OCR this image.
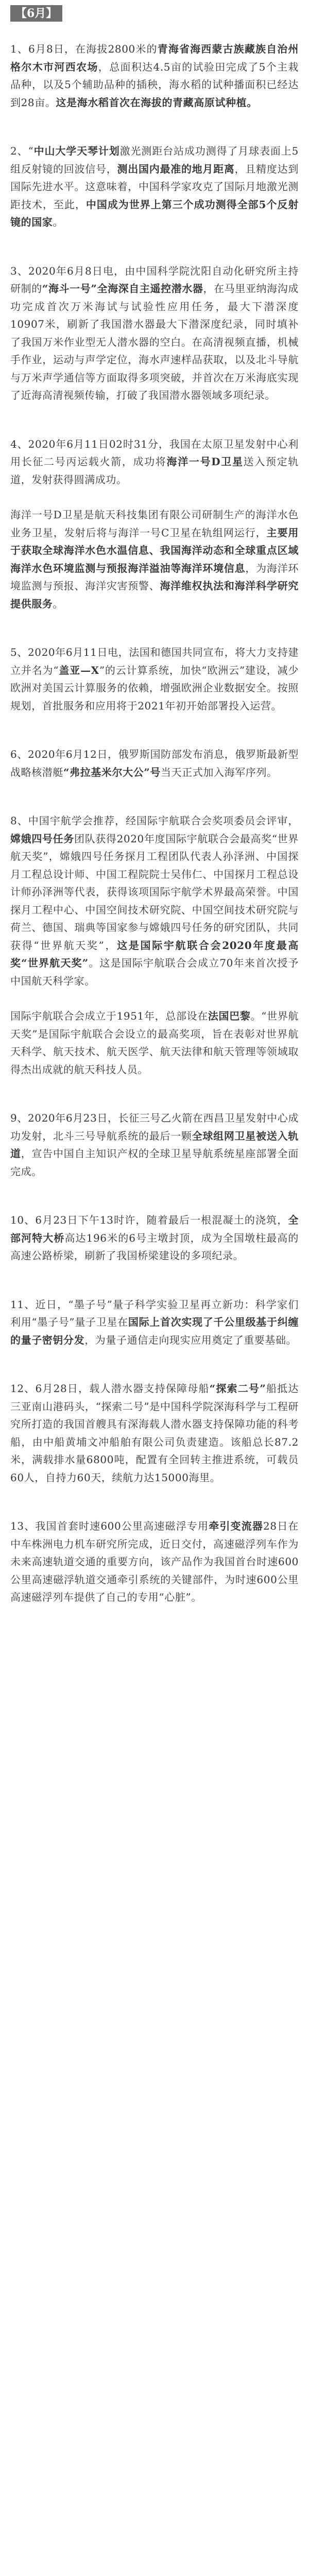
【6月】
1、6月8日，在海拔2800米的青海省海西蒙古族藏族自治州格尔木市河西农场，总面积达4.5亩的试验田完成了5个主栽品种，以及5个辅助品种的插秧，海水稻的试种播面积已经达到28亩。这是海水稻首次在海拔的青藏高原试种植。
2、“中山大学天琴计划激光测距台站成功测得了月球表面上5组反射镜的回波信号，测出国内最准的地月距离，且精度达到国际先进水平。这意味着，中国科学家攻克了国际月地激光测距技术，至此，中国成为世界上第三个成功测得全部5个反射镜的国家。
3、2020年6月8日电，由中国科学院沈阳自动化研究所主持研制的“海斗一号”全海深自主遥控潜水器，在马里亚纳海沟成功完成首次万米海试与试验性应用任务，最大下潜深度10907米，刷新了我国潜水器最大下潜深度纪录，同时填补了我国万米作业型无人潜水器的空白。在高清视频直播，机械手作业，运动与声学定位，海水声速样品获取，以及北斗导航与万米声学通信等方面取得多项突破，并首次在万米海底实现了近海高清视频传输，打破了我国潜水器领域多项纪录。
4、2020年6月11日02时31分，我国在太原卫星发射中心利用长征二号丙运载火箭，成功将海洋一号D卫星送入预定轨道，发射获得圆满成功。
海洋一号D卫星是航天科技集团有限公司研制生产的海洋水色业务卫星，发射后将与海洋一号C卫星在轨组网运行，主要用于获取全球海洋水色水温信息、我国海洋动态和全球重点区域海洋水色环境监测与预报海洋溢油等海洋环境信息，为海洋环境监测与预报、海洋灾害预警、海洋维权执法和海洋科学研究提供服务。
5、2020年6月11日电，法国和德国共同宣布，将大力支持建立并名为“盖亚—X”的云计算系统，加快“欧洲云”建设，减少欧洲对美国云计算服务的依赖，增强欧洲企业数据安全。按照规划，首批服务和应用将于2021年初开始部署投入运营。
6、2020年6月12日，俄罗斯国防部发布消息，俄罗斯最新型战略核潜艇“弗拉基米尔大公”号当天正式加入海军序列。
8、中国宇航学会推荐，经国际宇航联合会奖项委员会评审，嫦娥四号任务团队获得2020年度国际宇航联合会最高奖“世界航天奖”，嫦娥四号任务探月工程团队代表人孙泽洲、中国探月工程总设计师、中国工程院院士吴伟仁、中国探月工程总设计师孙泽洲等代表，获得该项国际宇航学术界最高荣誉。中国探月工程中心、中国空间技术研究院、中国空间技术研究院与荷兰、德国、瑞典等国家参与嫦娥四号任务的研究团队，共同获得“世界航天奖”，这是国际宇航联合会2020年度最高奖“世界航天奖”。这是国际宇航联合会成立70年来首次授予中国航天科学家。
国际宇航联合会成立于1951年，总部设在法国巴黎。“世界航天奖”是国际宇航联合会设立的最高奖项，旨在表彰对世界航天科学、航天技术、航天医学、航天法律和航天管理等领域取得杰出成就的航天科技人员。
9、2020年6月23日，长征三号乙火箭在西昌卫星发射中心成功发射，北斗三号导航系统的最后一颗全球组网卫星被送入轨道，宣告中国自主知识产权的全球卫星导航系统星座部署全面完成。
10、6月23日下午13时许，随着最后一根混凝土的浇筑，全部河特大桥高达196米的6号主墩封顶，成为全国墩柱最高的高速公路桥梁，刷新了我国桥梁建设的多项纪录。
11、近日，“墨子号”量子科学实验卫星再立新功：科学家们利用“墨子号”量子卫星在国际上首次实现了千公里级基于纠缠的量子密钥分发，为量子通信走向现实应用奠定了重要基础。
12、6月28日，载人潜水器支持保障母船“探索二号”船抵达三亚南山港码头，“探索二号”是中国科学院深海科学与工程研究所打造的我国首艘具有深海载人潜水器支持保障功能的科考船，由中船黄埔文冲船舶有限公司负责建造。该船总长87.2米，满载排水量6800吨，配置有全回转主推进系统，可载员60人，自持力60天，续航力达15000海里。
13、我国首套时速600公里高速磁浮专用牵引变流器28日在中车株洲电力机车研究所完成，近日交付，高速磁浮列车作为未来高速轨道交通的重要方向，该产品作为我国首台时速600公里高速磁浮轨道交通牵引系统的关键部件，为时速600公里高速磁浮列车提供了自己的专用“心脏”。
